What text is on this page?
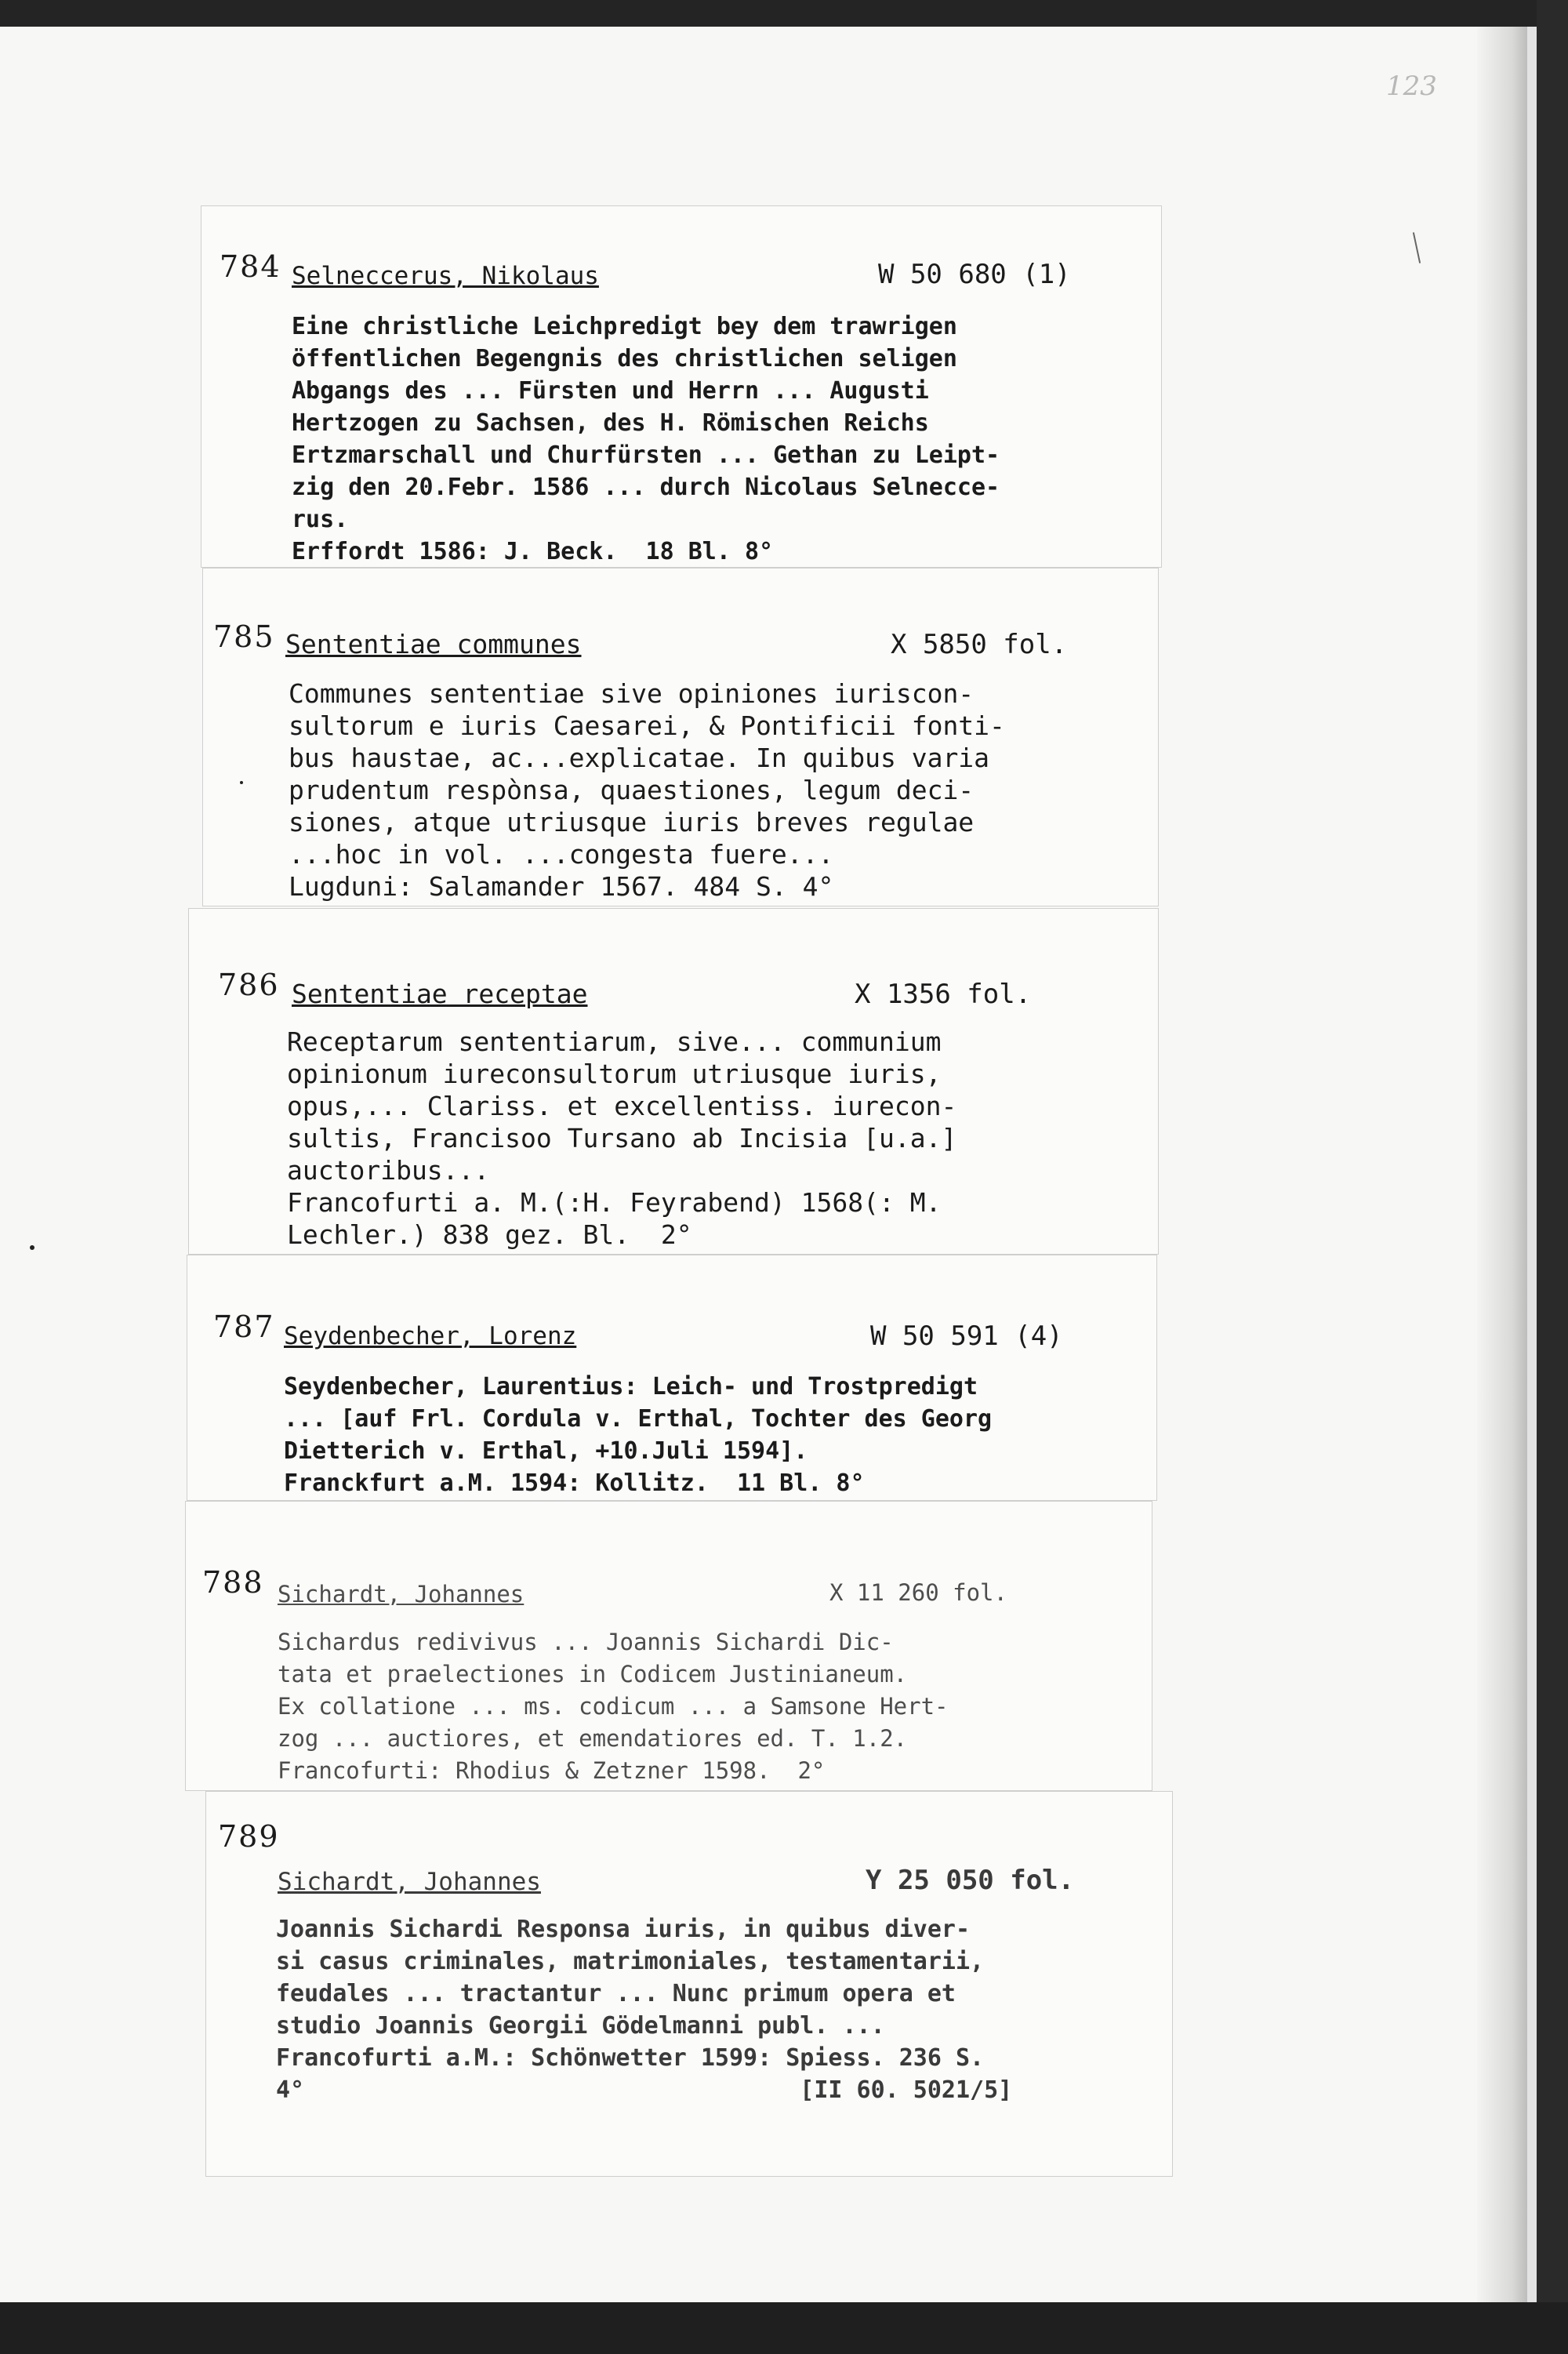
123
784 Selneccerus, Nikolaus	W 50 680 (1)
Eine christliche Leichpredigt bey dem trawrigen
öffentlichen Begengnis des christlichen seligen
Abgangs des ... Fürsten und Herrn ... Augusti
Hertzogen zu Sachsen, des H. Römischen Reichs
Ertzmarschall und Churfürsten ... Gethan zu Leipt-
zig den 20.Febr. 1586 ... durch Nicolaus Selnecce-
rus.
Erffordt 1586: J. Beck.  18 Bl. 8°
785 Sententiae communes	X 5850 fol.
Communes sententiae sive opiniones iuriscon-
sultorum e iuris Caesarei, & Pontificii fonti-
bus haustae, ac...explicatae. In quibus varia
prudentum respònsa, quaestiones, legum deci-
siones, atque utriusque iuris breves regulae
...hoc in vol. ...congesta fuere...
Lugduni: Salamander 1567. 484 S. 4°
786 Sententiae receptae	X 1356 fol.
Receptarum sententiarum, sive... communium
opinionum iureconsultorum utriusque iuris,
opus,... Clariss. et excellentiss. iurecon-
sultis, Francisoo Tursano ab Incisia [u.a.]
auctoribus...
Francofurti a. M.(:H. Feyrabend) 1568(: M.
Lechler.) 838 gez. Bl.  2°
787 Seydenbecher, Lorenz	W 50 591 (4)
Seydenbecher, Laurentius: Leich- und Trostpredigt
... [auf Frl. Cordula v. Erthal, Tochter des Georg
Dietterich v. Erthal, +10.Juli 1594].
Franckfurt a.M. 1594: Kollitz.  11 Bl. 8°
788 Sichardt, Johannes	X 11 260 fol.
Sichardus redivivus ... Joannis Sichardi Dic-
tata et praelectiones in Codicem Justinianeum.
Ex collatione ... ms. codicum ... a Samsone Hert-
zog ... auctiores, et emendatiores ed. T. 1.2.
Francofurti: Rhodius & Zetzner 1598.  2°
789
Sichardt, Johannes	Y 25 050 fol.
Joannis Sichardi Responsa iuris, in quibus diver-
si casus criminales, matrimoniales, testamentarii,
feudales ... tractantur ... Nunc primum opera et
studio Joannis Georgii Gödelmanni publ. ...
Francofurti a.M.: Schönwetter 1599: Spiess. 236 S.
4°                                   [II 60. 5021/5]
